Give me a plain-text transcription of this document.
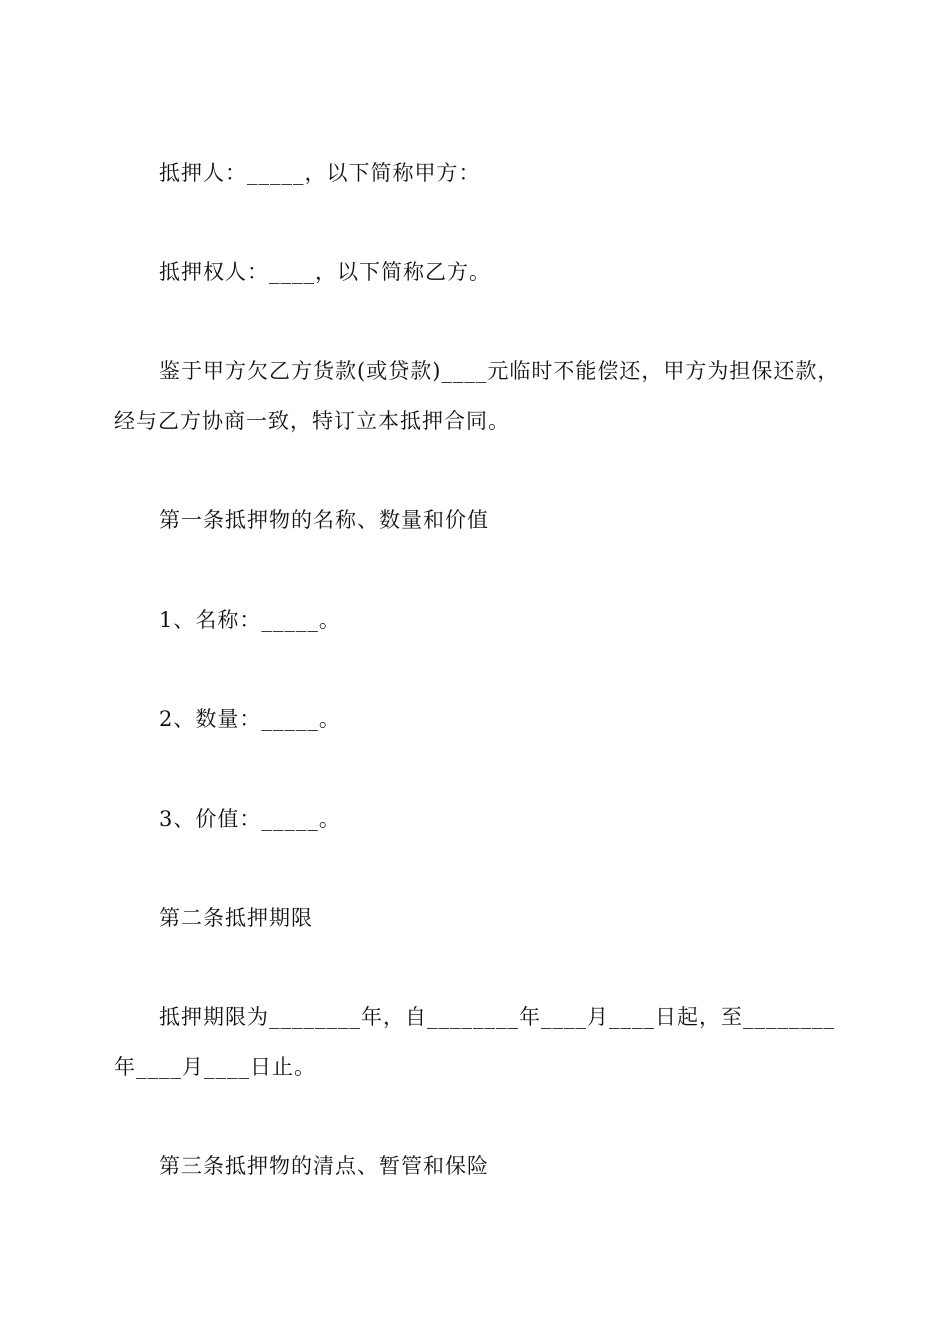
抵押人：_____，以下简称甲方：

抵押权人：____，以下简称乙方。

鉴于甲方欠乙方货款(或贷款)____元临时不能偿还，甲方为担保还款，经与乙方协商一致，特订立本抵押合同。

第一条抵押物的名称、数量和价值

1、名称：_____。

2、数量：_____。

3、价值：_____。

第二条抵押期限

抵押期限为________年，自________年____月____日起，至________年____月____日止。

第三条抵押物的清点、暂管和保险
